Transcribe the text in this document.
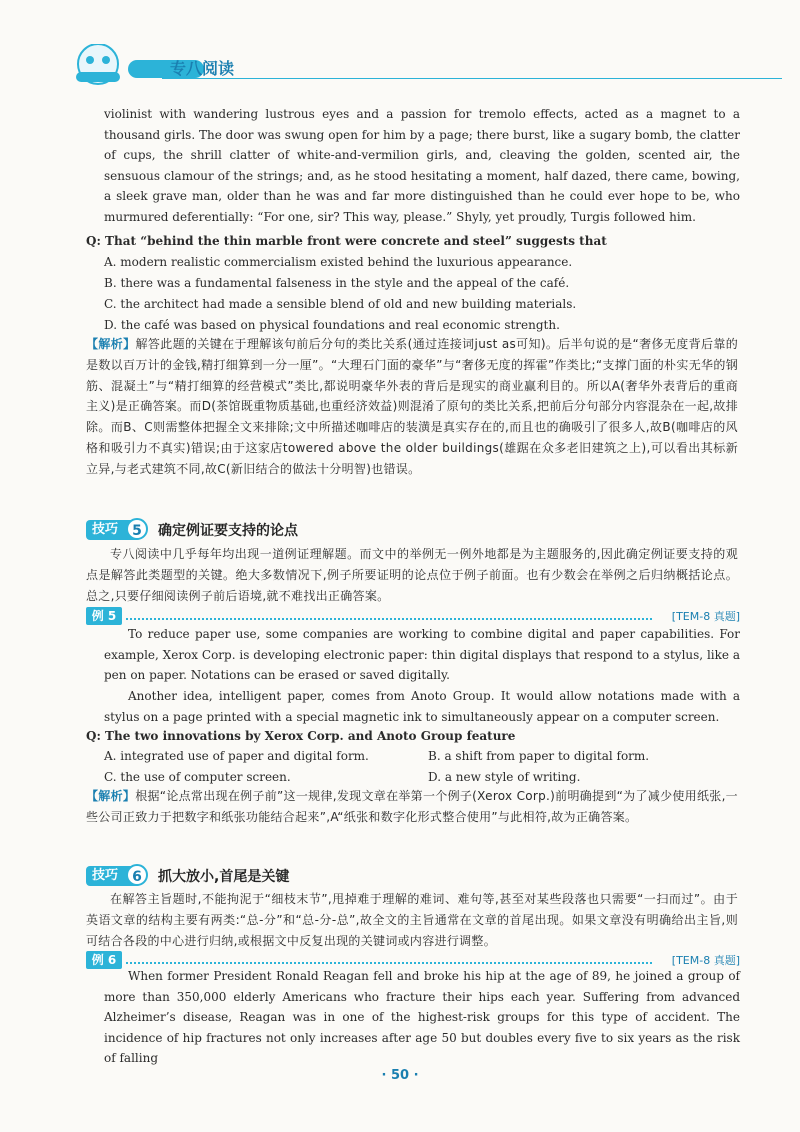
专八阅读
violinist with wandering lustrous eyes and a passion for tremolo effects, acted as a magnet to a thousand girls. The door was swung open for him by a page; there burst, like a sugary bomb, the clatter of cups, the shrill clatter of white-and-vermilion girls, and, cleaving the golden, scented air, the sensuous clamour of the strings; and, as he stood hesitating a moment, half dazed, there came, bowing, a sleek grave man, older than he was and far more distinguished than he could ever hope to be, who murmured deferentially: “For one, sir? This way, please.” Shyly, yet proudly, Turgis followed him.
Q: That “behind the thin marble front were concrete and steel” suggests that
A. modern realistic commercialism existed behind the luxurious appearance.
B. there was a fundamental falseness in the style and the appeal of the café.
C. the architect had made a sensible blend of old and new building materials.
D. the café was based on physical foundations and real economic strength.
【解析】解答此题的关键在于理解该句前后分句的类比关系(通过连接词just as可知)。后半句说的是“奢侈无度背后靠的是数以百万计的金钱,精打细算到一分一厘”。“大理石门面的豪华”与“奢侈无度的挥霍”作类比;“支撑门面的朴实无华的钢筋、混凝土”与“精打细算的经营模式”类比,都说明豪华外表的背后是现实的商业赢利目的。所以A(奢华外表背后的重商主义)是正确答案。而D(茶馆既重物质基础,也重经济效益)则混淆了原句的类比关系,把前后分句部分内容混杂在一起,故排除。而B、C则需整体把握全文来排除;文中所描述咖啡店的装潢是真实存在的,而且也的确吸引了很多人,故B(咖啡店的风格和吸引力不真实)错误;由于这家店towered above the older buildings(雄踞在众多老旧建筑之上),可以看出其标新立异,与老式建筑不同,故C(新旧结合的做法十分明智)也错误。
技巧	5	确定例证要支持的论点
专八阅读中几乎每年均出现一道例证理解题。而文中的举例无一例外地都是为主题服务的,因此确定例证要支持的观点是解答此类题型的关键。绝大多数情况下,例子所要证明的论点位于例子前面。也有少数会在举例之后归纳概括论点。总之,只要仔细阅读例子前后语境,就不难找出正确答案。
例 5	[TEM-8 真题]
To reduce paper use, some companies are working to combine digital and paper capabilities. For example, Xerox Corp. is developing electronic paper: thin digital displays that respond to a stylus, like a pen on paper. Notations can be erased or saved digitally.
Another idea, intelligent paper, comes from Anoto Group. It would allow notations made with a stylus on a page printed with a special magnetic ink to simultaneously appear on a computer screen.
Q: The two innovations by Xerox Corp. and Anoto Group feature
A. integrated use of paper and digital form.	B. a shift from paper to digital form.
C. the use of computer screen.	D. a new style of writing.
【解析】根据“论点常出现在例子前”这一规律,发现文章在举第一个例子(Xerox Corp.)前明确提到“为了减少使用纸张,一些公司正致力于把数字和纸张功能结合起来”,A“纸张和数字化形式整合使用”与此相符,故为正确答案。
技巧	6	抓大放小,首尾是关键
在解答主旨题时,不能拘泥于“细枝末节”,甩掉难于理解的难词、难句等,甚至对某些段落也只需要“一扫而过”。由于英语文章的结构主要有两类:“总-分”和“总-分-总”,故全文的主旨通常在文章的首尾出现。如果文章没有明确给出主旨,则可结合各段的中心进行归纳,或根据文中反复出现的关键词或内容进行调整。
例 6	[TEM-8 真题]
When former President Ronald Reagan fell and broke his hip at the age of 89, he joined a group of more than 350,000 elderly Americans who fracture their hips each year. Suffering from advanced Alzheimer’s disease, Reagan was in one of the highest-risk groups for this type of accident. The incidence of hip fractures not only increases after age 50 but doubles every five to six years as the risk of falling
· 50 ·
